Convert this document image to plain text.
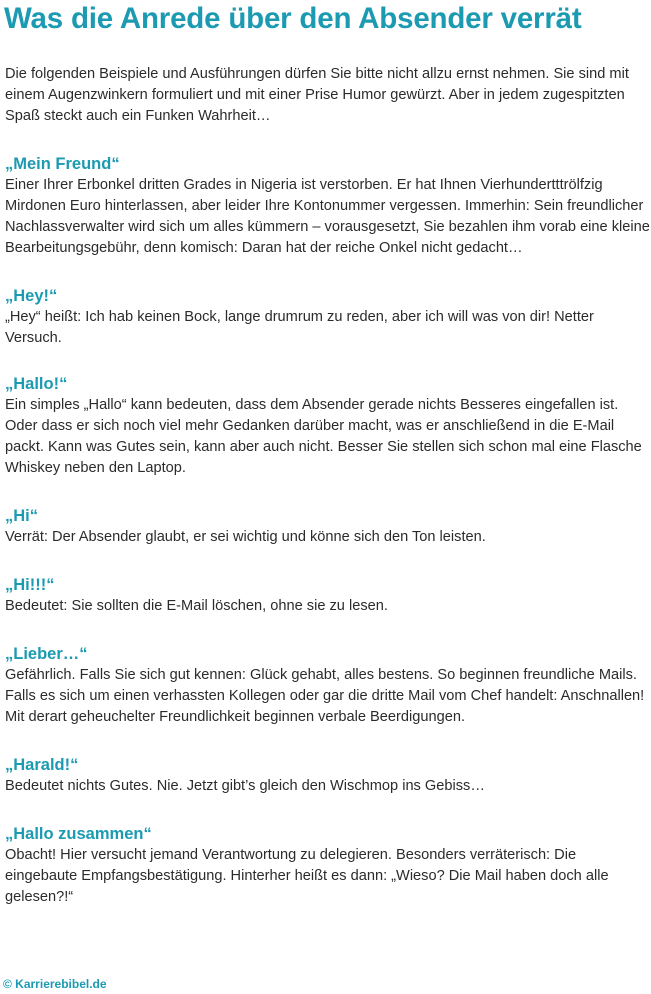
Was die Anrede über den Absender verrät

Die folgenden Beispiele und Ausführungen dürfen Sie bitte nicht allzu ernst nehmen. Sie sind mit einem Augenzwinkern formuliert und mit einer Prise Humor gewürzt. Aber in jedem zugespitzten Spaß steckt auch ein Funken Wahrheit…

„Mein Freund“

Einer Ihrer Erbonkel dritten Grades in Nigeria ist verstorben. Er hat Ihnen Vierhundertttrölfzig Mirdonen Euro hinterlassen, aber leider Ihre Kontonummer vergessen. Immerhin: Sein freundlicher Nachlassverwalter wird sich um alles kümmern – vorausgesetzt, Sie bezahlen ihm vorab eine kleine Bearbeitungsgebühr, denn komisch: Daran hat der reiche Onkel nicht gedacht…

„Hey!“

„Hey“ heißt: Ich hab keinen Bock, lange drumrum zu reden, aber ich will was von dir! Netter Versuch.

„Hallo!“

Ein simples „Hallo“ kann bedeuten, dass dem Absender gerade nichts Besseres eingefallen ist. Oder dass er sich noch viel mehr Gedanken darüber macht, was er anschließend in die E-Mail packt. Kann was Gutes sein, kann aber auch nicht. Besser Sie stellen sich schon mal eine Flasche Whiskey neben den Laptop.

„Hi“

Verrät: Der Absender glaubt, er sei wichtig und könne sich den Ton leisten.

„Hi!!!“

Bedeutet: Sie sollten die E-Mail löschen, ohne sie zu lesen.

„Lieber…“

Gefährlich. Falls Sie sich gut kennen: Glück gehabt, alles bestens. So beginnen freundliche Mails. Falls es sich um einen verhassten Kollegen oder gar die dritte Mail vom Chef handelt: Anschnallen! Mit derart geheuchelter Freundlichkeit beginnen verbale Beerdigungen.

„Harald!“

Bedeutet nichts Gutes. Nie. Jetzt gibt’s gleich den Wischmop ins Gebiss…

„Hallo zusammen“

Obacht! Hier versucht jemand Verantwortung zu delegieren. Besonders verräterisch: Die eingebaute Empfangsbestätigung. Hinterher heißt es dann: „Wieso? Die Mail haben doch alle gelesen?!“

© Karrierebibel.de
